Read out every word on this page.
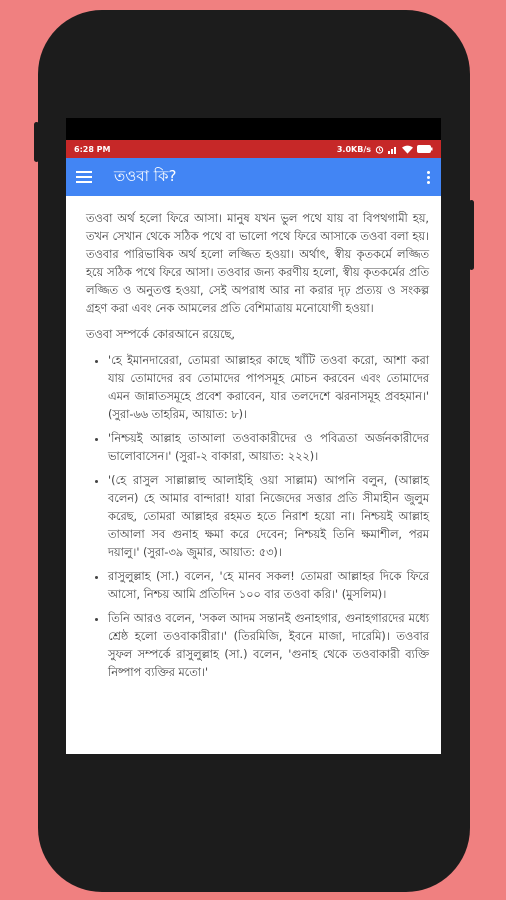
6:28 PM	3.0KB/s
তওবা কি?

তওবা অর্থ হলো ফিরে আসা। মানুষ যখন ভুল পথে যায় বা বিপথগামী হয়, তখন সেখান থেকে সঠিক পথে বা ভালো পথে ফিরে আসাকে তওবা বলা হয়। তওবার পারিভাষিক অর্থ হলো লজ্জিত হওয়া। অর্থাৎ, স্বীয় কৃতকর্মে লজ্জিত হয়ে সঠিক পথে ফিরে আসা। তওবার জন্য করণীয় হলো, স্বীয় কৃতকর্মের প্রতি লজ্জিত ও অনুতপ্ত হওয়া, সেই অপরাধ আর না করার দৃঢ় প্রত্যয় ও সংকল্প গ্রহণ করা এবং নেক আমলের প্রতি বেশিমাত্রায় মনোযোগী হওয়া।

তওবা সম্পর্কে কোরআনে রয়েছে,

• 'হে ইমানদারেরা, তোমরা আল্লাহর কাছে খাঁটি তওবা করো, আশা করা যায় তোমাদের রব তোমাদের পাপসমূহ মোচন করবেন এবং তোমাদের এমন জান্নাতসমূহে প্রবেশ করাবেন, যার তলদেশে ঝরনাসমূহ প্রবহমান।' (সুরা-৬৬ তাহরিম, আয়াত: ৮)।
• 'নিশ্চয়ই আল্লাহ তাআলা তওবাকারীদের ও পবিত্রতা অর্জনকারীদের ভালোবাসেন।' (সুরা-২ বাকারা, আয়াত: ২২২)।
• '(হে রাসুল সাল্লাল্লাহু আলাইহি ওয়া সাল্লাম) আপনি বলুন, (আল্লাহ বলেন) হে আমার বান্দারা! যারা নিজেদের সত্তার প্রতি সীমাহীন জুলুম করেছ, তোমরা আল্লাহর রহমত হতে নিরাশ হয়ো না। নিশ্চয়ই আল্লাহ তাআলা সব গুনাহ ক্ষমা করে দেবেন; নিশ্চয়ই তিনি ক্ষমাশীল, পরম দয়ালু।' (সুরা-৩৯ জুমার, আয়াত: ৫৩)।
• রাসুলুল্লাহ (সা.) বলেন, 'হে মানব সকল! তোমরা আল্লাহর দিকে ফিরে আসো, নিশ্চয় আমি প্রতিদিন ১০০ বার তওবা করি।' (মুসলিম)।
• তিনি আরও বলেন, 'সকল আদম সন্তানই গুনাহগার, গুনাহগারদের মধ্যে শ্রেষ্ঠ হলো তওবাকারীরা।' (তিরমিজি, ইবনে মাজা, দারেমি)। তওবার সুফল সম্পর্কে রাসুলুল্লাহ (সা.) বলেন, 'গুনাহ থেকে তওবাকারী ব্যক্তি নিষ্পাপ ব্যক্তির মতো।'
